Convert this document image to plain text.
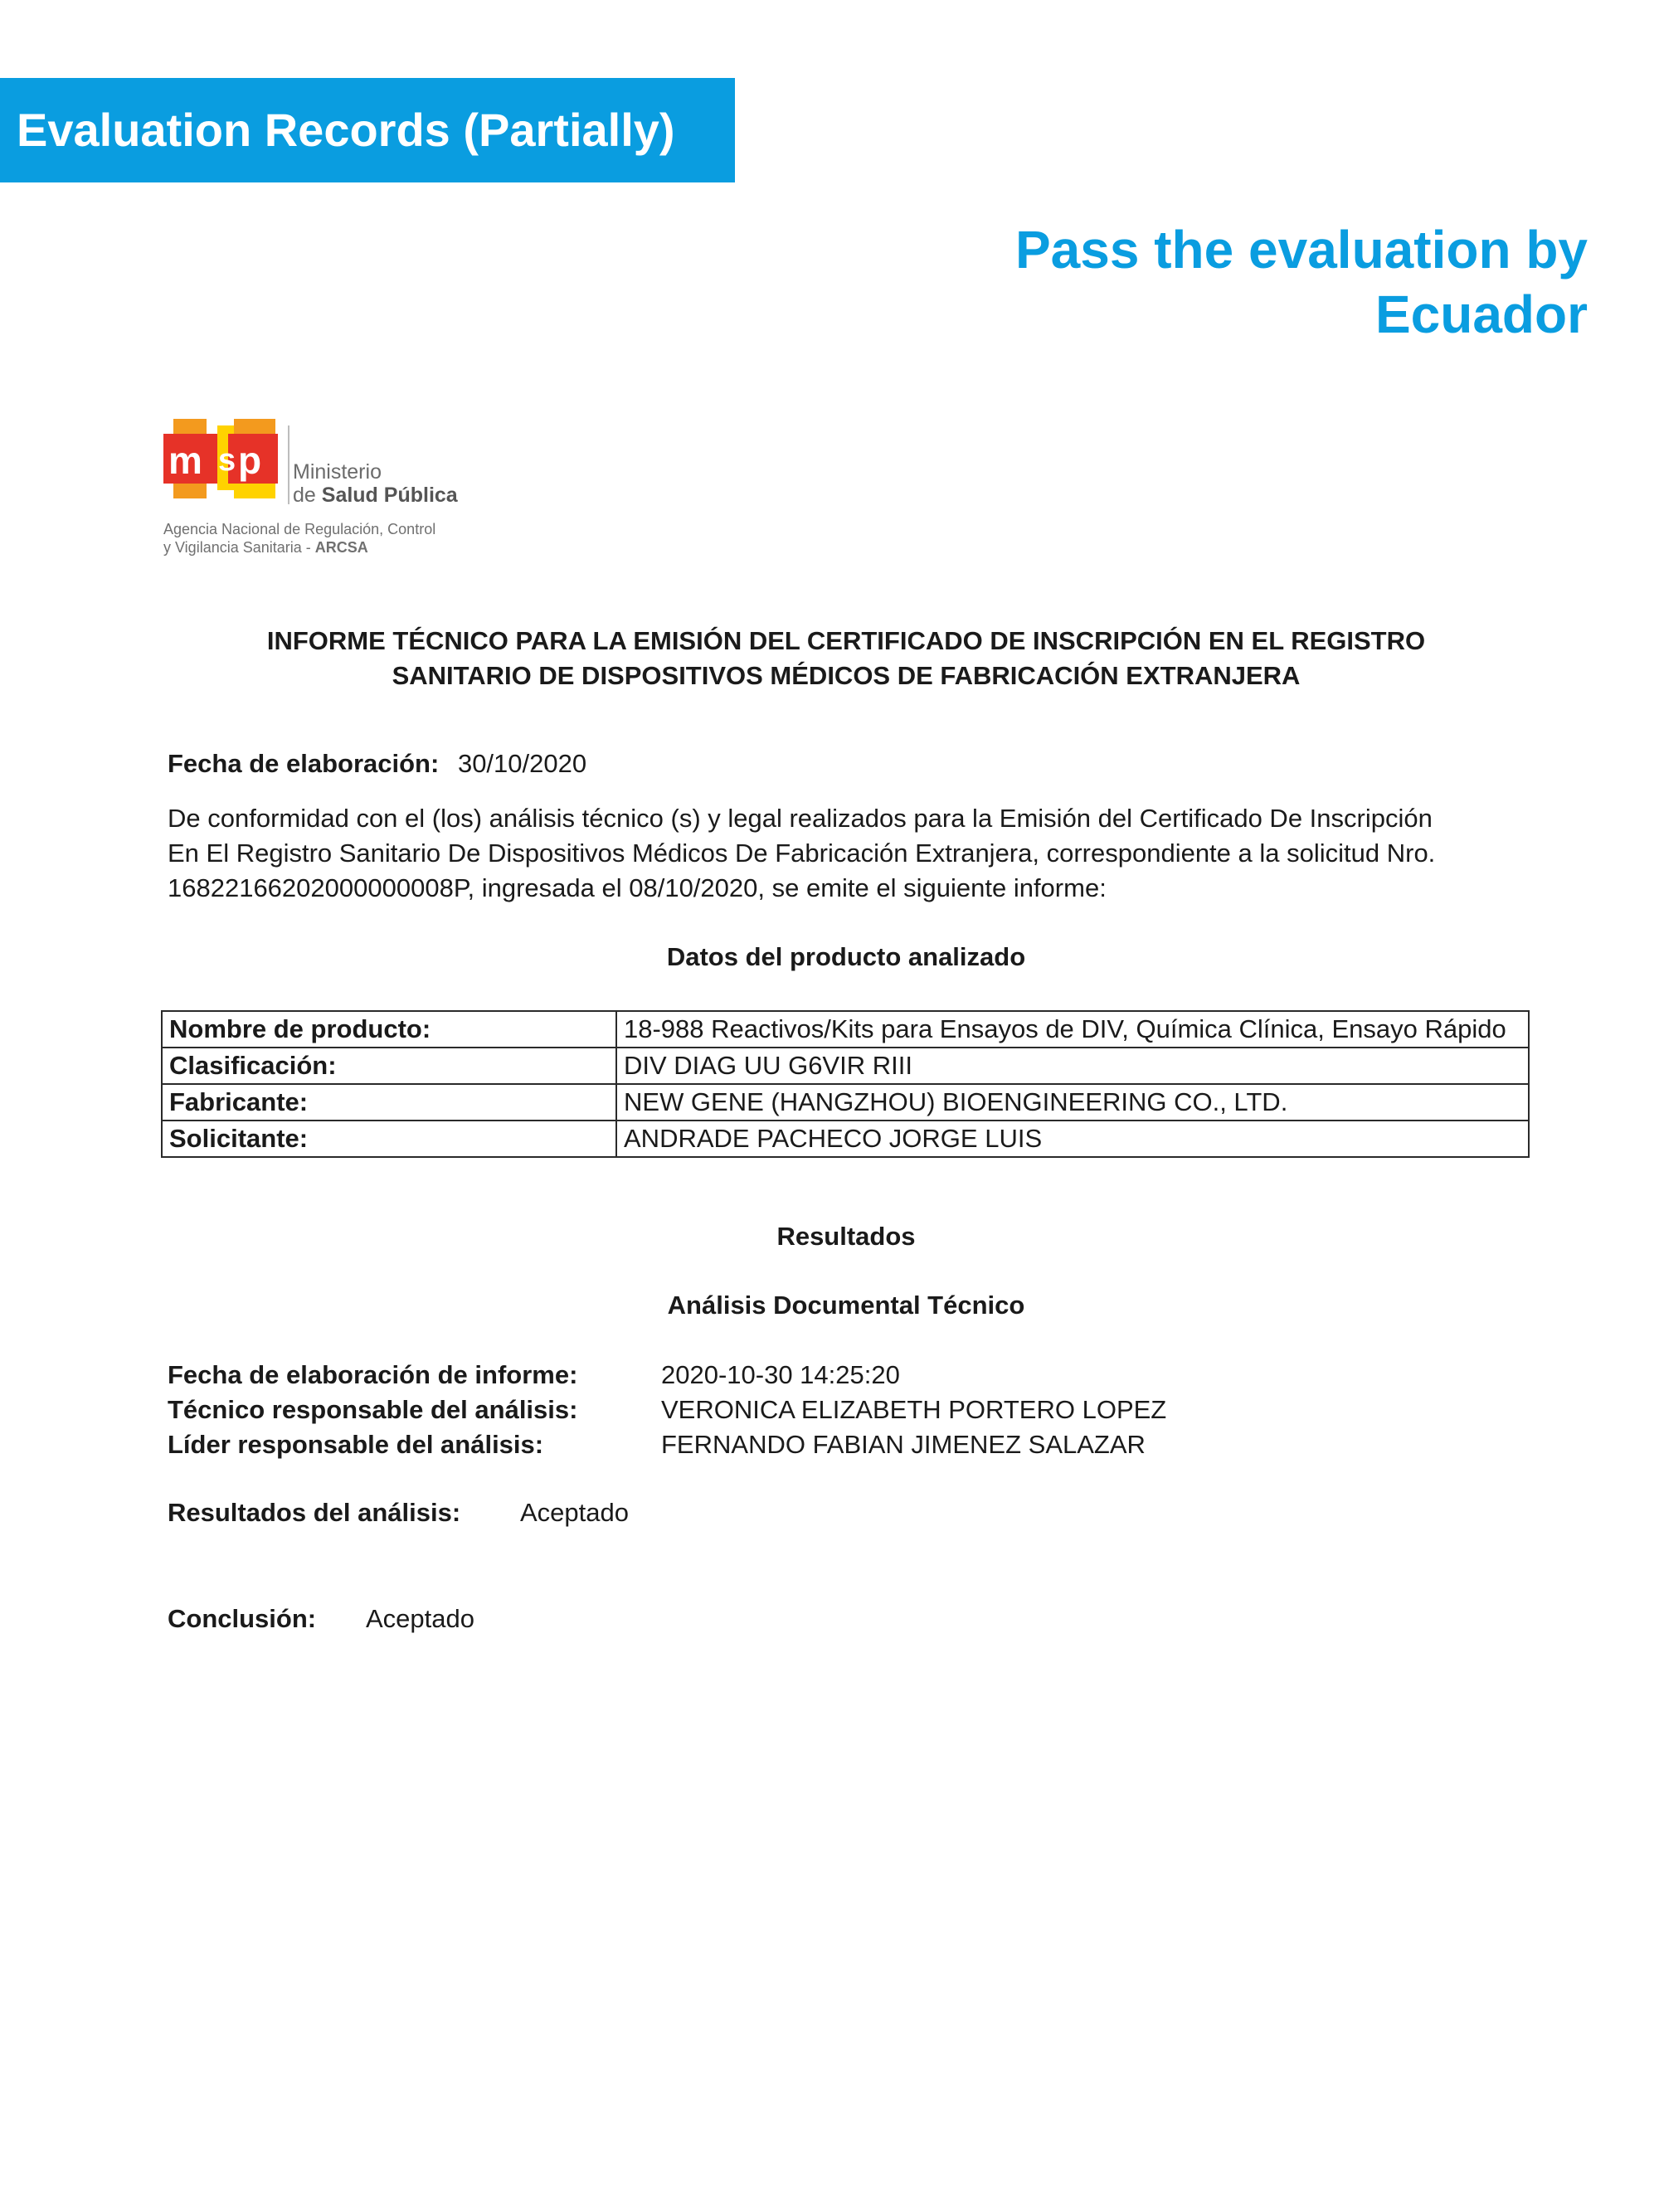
Evaluation Records (Partially)
Pass the evaluation by
Ecuador
m s p Ministerio
de Salud Pública
Agencia Nacional de Regulación, Control
y Vigilancia Sanitaria - ARCSA
INFORME TÉCNICO PARA LA EMISIÓN DEL CERTIFICADO DE INSCRIPCIÓN EN EL REGISTRO
SANITARIO DE DISPOSITIVOS MÉDICOS DE FABRICACIÓN EXTRANJERA
Fecha de elaboración: 30/10/2020
De conformidad con el (los) análisis técnico (s) y legal realizados para la Emisión del Certificado De Inscripción
En El Registro Sanitario De Dispositivos Médicos De Fabricación Extranjera, correspondiente a la solicitud Nro.
16822166202000000008P, ingresada el 08/10/2020, se emite el siguiente informe:
Datos del producto analizado
Nombre de producto:	18-988 Reactivos/Kits para Ensayos de DIV, Química Clínica, Ensayo Rápido
Clasificación:	DIV DIAG UU G6VIR RIII
Fabricante:	NEW GENE (HANGZHOU) BIOENGINEERING CO., LTD.
Solicitante:	ANDRADE PACHECO JORGE LUIS
Resultados
Análisis Documental Técnico
Fecha de elaboración de informe:	2020-10-30 14:25:20
Técnico responsable del análisis:	VERONICA ELIZABETH PORTERO LOPEZ
Líder responsable del análisis:	FERNANDO FABIAN JIMENEZ SALAZAR
Resultados del análisis: Aceptado
Conclusión: Aceptado
